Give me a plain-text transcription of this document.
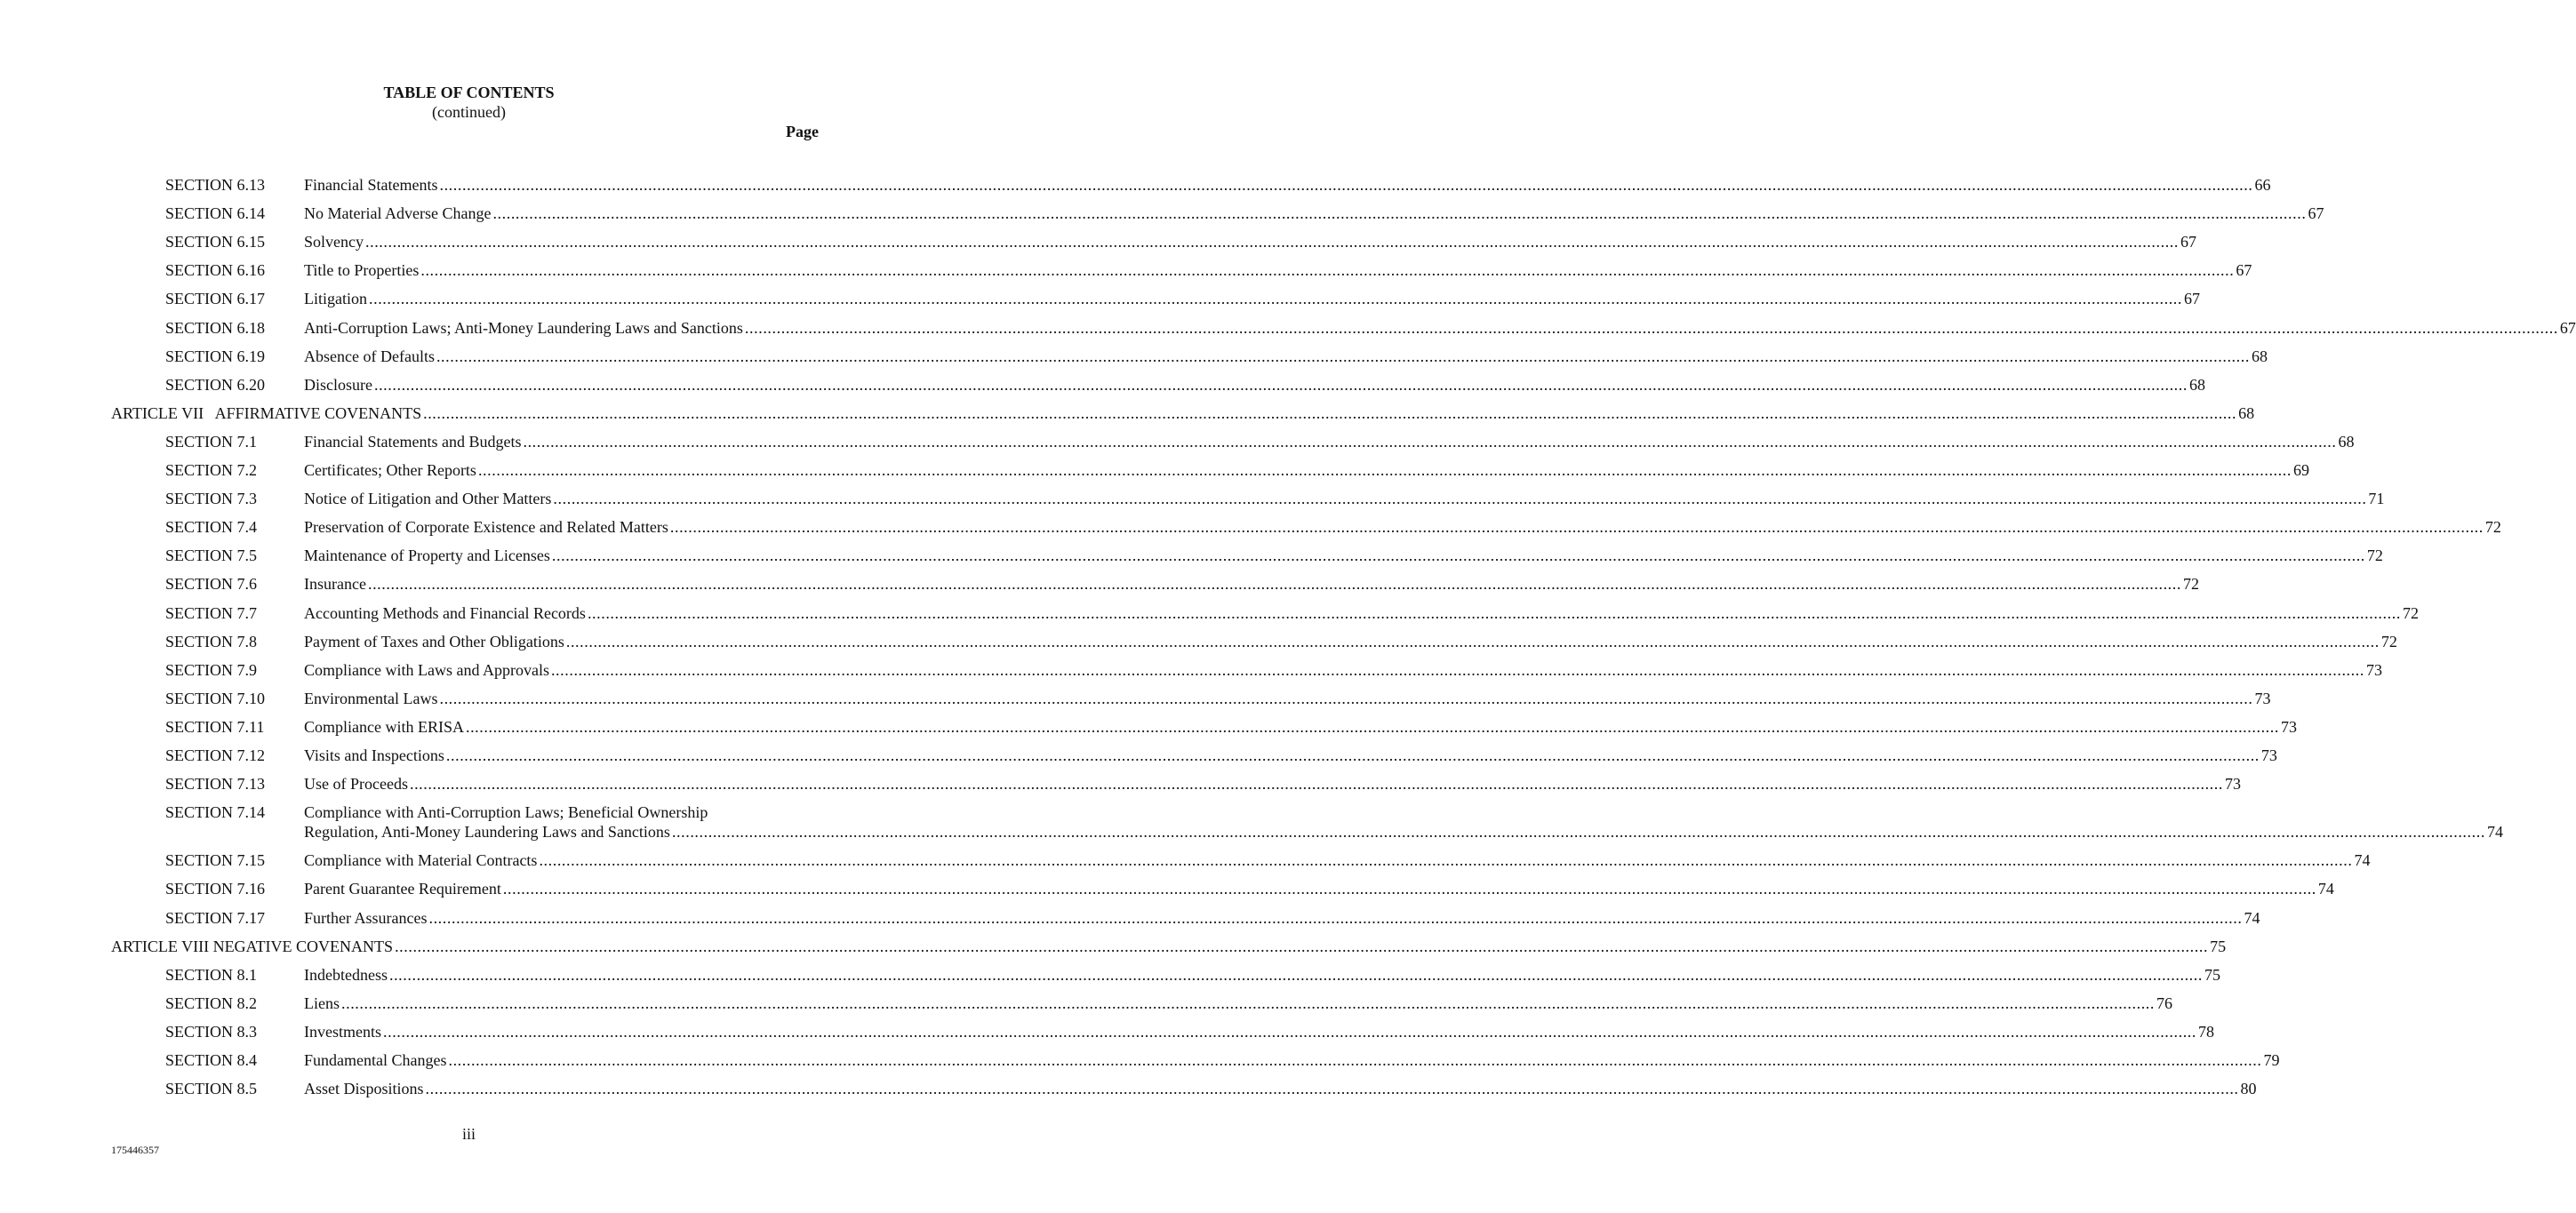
TABLE OF CONTENTS
(continued)
Page
SECTION 6.13 Financial Statements ................................................................................................................................................................................................................................................................................................................................................................................................................ 66
SECTION 6.14 No Material Adverse Change ................................................................................................................................................................................................................................................................................................................................................................................................................ 67
SECTION 6.15 Solvency ................................................................................................................................................................................................................................................................................................................................................................................................................ 67
SECTION 6.16 Title to Properties ................................................................................................................................................................................................................................................................................................................................................................................................................ 67
SECTION 6.17 Litigation ................................................................................................................................................................................................................................................................................................................................................................................................................ 67
SECTION 6.18 Anti-Corruption Laws; Anti-Money Laundering Laws and Sanctions ................................................................................................................................................................................................................................................................................................................................................................................................................ 67
SECTION 6.19 Absence of Defaults ................................................................................................................................................................................................................................................................................................................................................................................................................ 68
SECTION 6.20 Disclosure ................................................................................................................................................................................................................................................................................................................................................................................................................ 68
ARTICLE VII   AFFIRMATIVE COVENANTS ................................................................................................................................................................................................................................................................................................................................................................................................................ 68
SECTION 7.1	Financial Statements and Budgets ................................................................................................................................................................................................................................................................................................................................................................................................................ 68
SECTION 7.2	Certificates; Other Reports ................................................................................................................................................................................................................................................................................................................................................................................................................ 69
SECTION 7.3	Notice of Litigation and Other Matters ................................................................................................................................................................................................................................................................................................................................................................................................................ 71
SECTION 7.4	Preservation of Corporate Existence and Related Matters ................................................................................................................................................................................................................................................................................................................................................................................................................ 72
SECTION 7.5	Maintenance of Property and Licenses ................................................................................................................................................................................................................................................................................................................................................................................................................ 72
SECTION 7.6	Insurance ................................................................................................................................................................................................................................................................................................................................................................................................................ 72
SECTION 7.7	Accounting Methods and Financial Records ................................................................................................................................................................................................................................................................................................................................................................................................................ 72
SECTION 7.8	Payment of Taxes and Other Obligations ................................................................................................................................................................................................................................................................................................................................................................................................................ 72
SECTION 7.9	Compliance with Laws and Approvals ................................................................................................................................................................................................................................................................................................................................................................................................................ 73
SECTION 7.10 Environmental Laws ................................................................................................................................................................................................................................................................................................................................................................................................................ 73
SECTION 7.11 Compliance with ERISA ................................................................................................................................................................................................................................................................................................................................................................................................................ 73
SECTION 7.12 Visits and Inspections ................................................................................................................................................................................................................................................................................................................................................................................................................ 73
SECTION 7.13 Use of Proceeds ................................................................................................................................................................................................................................................................................................................................................................................................................ 73
SECTION 7.14 Compliance with Anti-Corruption Laws; Beneficial Ownership
Regulation, Anti-Money Laundering Laws and Sanctions ................................................................................................................................................................................................................................................................................................................................................................................................................ 74
SECTION 7.15 Compliance with Material Contracts ................................................................................................................................................................................................................................................................................................................................................................................................................ 74
SECTION 7.16 Parent Guarantee Requirement ................................................................................................................................................................................................................................................................................................................................................................................................................ 74
SECTION 7.17 Further Assurances ................................................................................................................................................................................................................................................................................................................................................................................................................ 74
ARTICLE VIII NEGATIVE COVENANTS ................................................................................................................................................................................................................................................................................................................................................................................................................ 75
SECTION 8.1	Indebtedness ................................................................................................................................................................................................................................................................................................................................................................................................................ 75
SECTION 8.2	Liens ................................................................................................................................................................................................................................................................................................................................................................................................................ 76
SECTION 8.3	Investments ................................................................................................................................................................................................................................................................................................................................................................................................................ 78
SECTION 8.4	Fundamental Changes ................................................................................................................................................................................................................................................................................................................................................................................................................ 79
SECTION 8.5	Asset Dispositions ................................................................................................................................................................................................................................................................................................................................................................................................................ 80
iii
175446357
